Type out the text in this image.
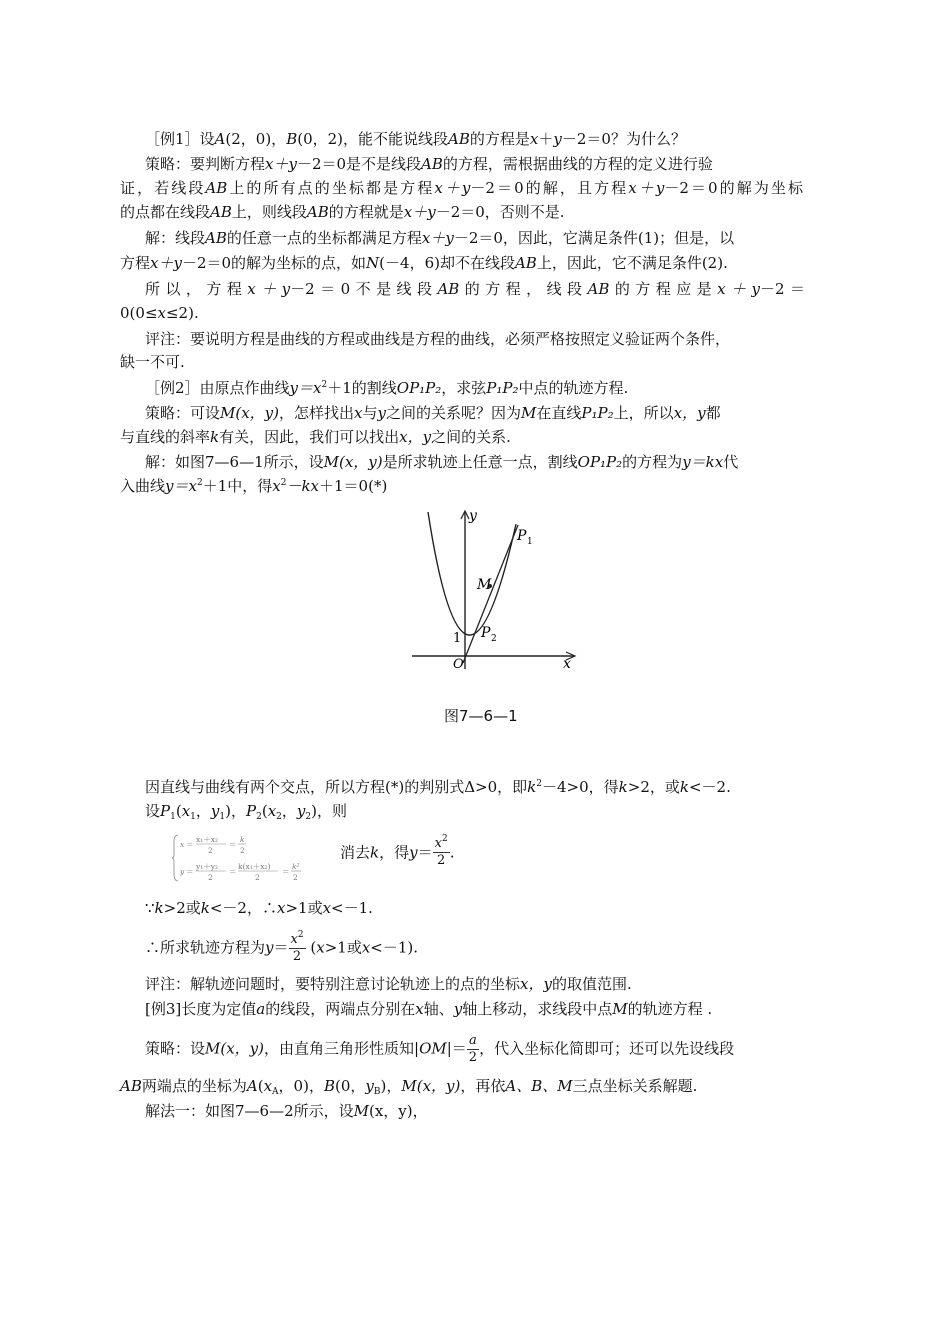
［例1］设A(2，0)，B(0，2)，能不能说线段AB的方程是x＋y－2＝0？为什么？
策略：要判断方程x＋y－2＝0是不是线段AB的方程，需根据曲线的方程的定义进行验
证，若线段AB上的所有点的坐标都是方程x＋y－2＝0的解，且方程x＋y－2＝0的解为坐标
的点都在线段AB上，则线段AB的方程就是x＋y－2＝0，否则不是.
解：线段AB的任意一点的坐标都满足方程x＋y－2＝0，因此，它满足条件(1)；但是，以
方程x＋y－2＝0的解为坐标的点，如N(－4，6)却不在线段AB上，因此，它不满足条件(2).
所以，方程x＋y－2＝0不是线段AB的方程，线段AB的方程应是x＋y－2＝
0(0≤x≤2).
评注：要说明方程是曲线的方程或曲线是方程的曲线，必须严格按照定义验证两个条件，
缺一不可.
［例2］由原点作曲线$y=x^2+1$的割线OP₁P₂，求弦P₁P₂中点的轨迹方程.
策略：可设M(x，y)，怎样找出x与y之间的关系呢？因为M在直线P₁P₂上，所以x，y都
与直线的斜率k有关，因此，我们可以找出x，y之间的关系.
解：如图7—6—1所示，设M(x，y)是所求轨迹上任意一点，割线OP₁P₂的方程为y＝kx代
入曲线$y=x^2+1$中，得$x^2-kx+1=0(*)$
y
x
O
1
P 1
M
P 2
图7—6—1
因直线与曲线有两个交点，所以方程(*)的判别式Δ>0，即$k^2-4>0$，得k>2，或k<－2.
设$P_1(x_1$，$y_1$)，$P_2(x_2$，$y_2$)，则
x ＝
x₁＋x₂
2
＝
k
2
y ＝
y₁＋y₂
2
＝
k(x₁＋x₂)
2
＝
k²
2
消去k，得$y= \frac{x^2}{2}$ .
∵k>2或k<－2，∴x>1或x<－1.
∴所求轨迹方程为$y= \frac{x^2}{2} (x>1$或x<－1).
评注：解轨迹问题时，要特别注意讨论轨迹上的点的坐标x，y的取值范围.
[例3]长度为定值a的线段，两端点分别在x轴、y轴上移动，求线段中点M的轨迹方程 .
策略：设M(x，y)，由直角三角形性质知$|OM|= \frac{a}{2}$ ，代入坐标化简即可；还可以先设线段
AB两端点的坐标为$A(x_A$，0)，B(0，$y_B$)，M(x，y)，再依A、B、M三点坐标关系解题.
解法一：如图7—6—2所示，设M(x，y)，
